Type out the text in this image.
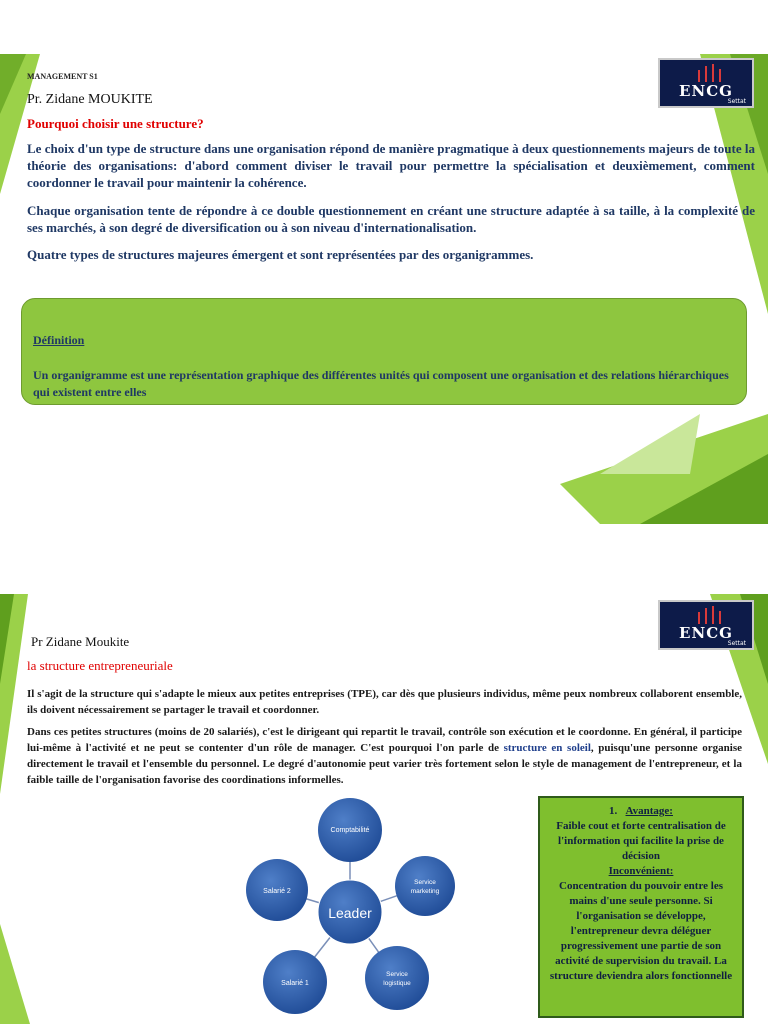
ENCG
Settat
MANAGEMENT S1
Pr. Zidane MOUKITE
Pourquoi choisir une structure?
Le choix d'un type de structure dans une organisation répond de manière pragmatique à deux questionnements majeurs de toute la théorie des organisations: d'abord comment diviser le travail pour permettre la spécialisation et deuxièmement, comment coordonner le travail pour maintenir la cohérence.
Chaque organisation tente de répondre à ce double questionnement en créant une structure adaptée à sa taille, à la complexité de ses marchés, à son degré de diversification ou à son niveau d'internationalisation.
Quatre types de structures majeures émergent et sont représentées par des organigrammes.
Définition
Un organigramme est une représentation graphique des différentes unités qui composent une organisation et des relations hiérarchiques qui existent entre elles
ENCG
Settat
Pr Zidane Moukite
la structure entrepreneuriale
Il s'agit de la structure qui s'adapte le mieux aux petites entreprises (TPE), car dès que plusieurs individus, même peux nombreux collaborent ensemble, ils doivent nécessairement se partager le travail et coordonner.
Dans ces petites structures (moins de 20 salariés), c'est le dirigeant qui repartit le travail, contrôle son exécution et le coordonne. En général, il participe lui-même à l'activité et ne peut se contenter d'un rôle de manager. C'est pourquoi l'on parle de structure en soleil, puisqu'une personne organise directement le travail et l'ensemble du personnel. Le degré d'autonomie peut varier très fortement selon le style de management de l'entrepreneur, et la faible taille de l'organisation favorise des coordinations informelles.
Comptabilité
Service
marketing
Service
logistique
Salarié 1
Salarié 2
Leader
1. Avantage:
Faible cout et forte centralisation de l'information qui facilite la prise de décision
Inconvénient:
Concentration du pouvoir entre les mains d'une seule personne. Si l'organisation se développe, l'entrepreneur devra déléguer progressivement une partie de son activité de supervision du travail. La structure deviendra alors fonctionnelle
